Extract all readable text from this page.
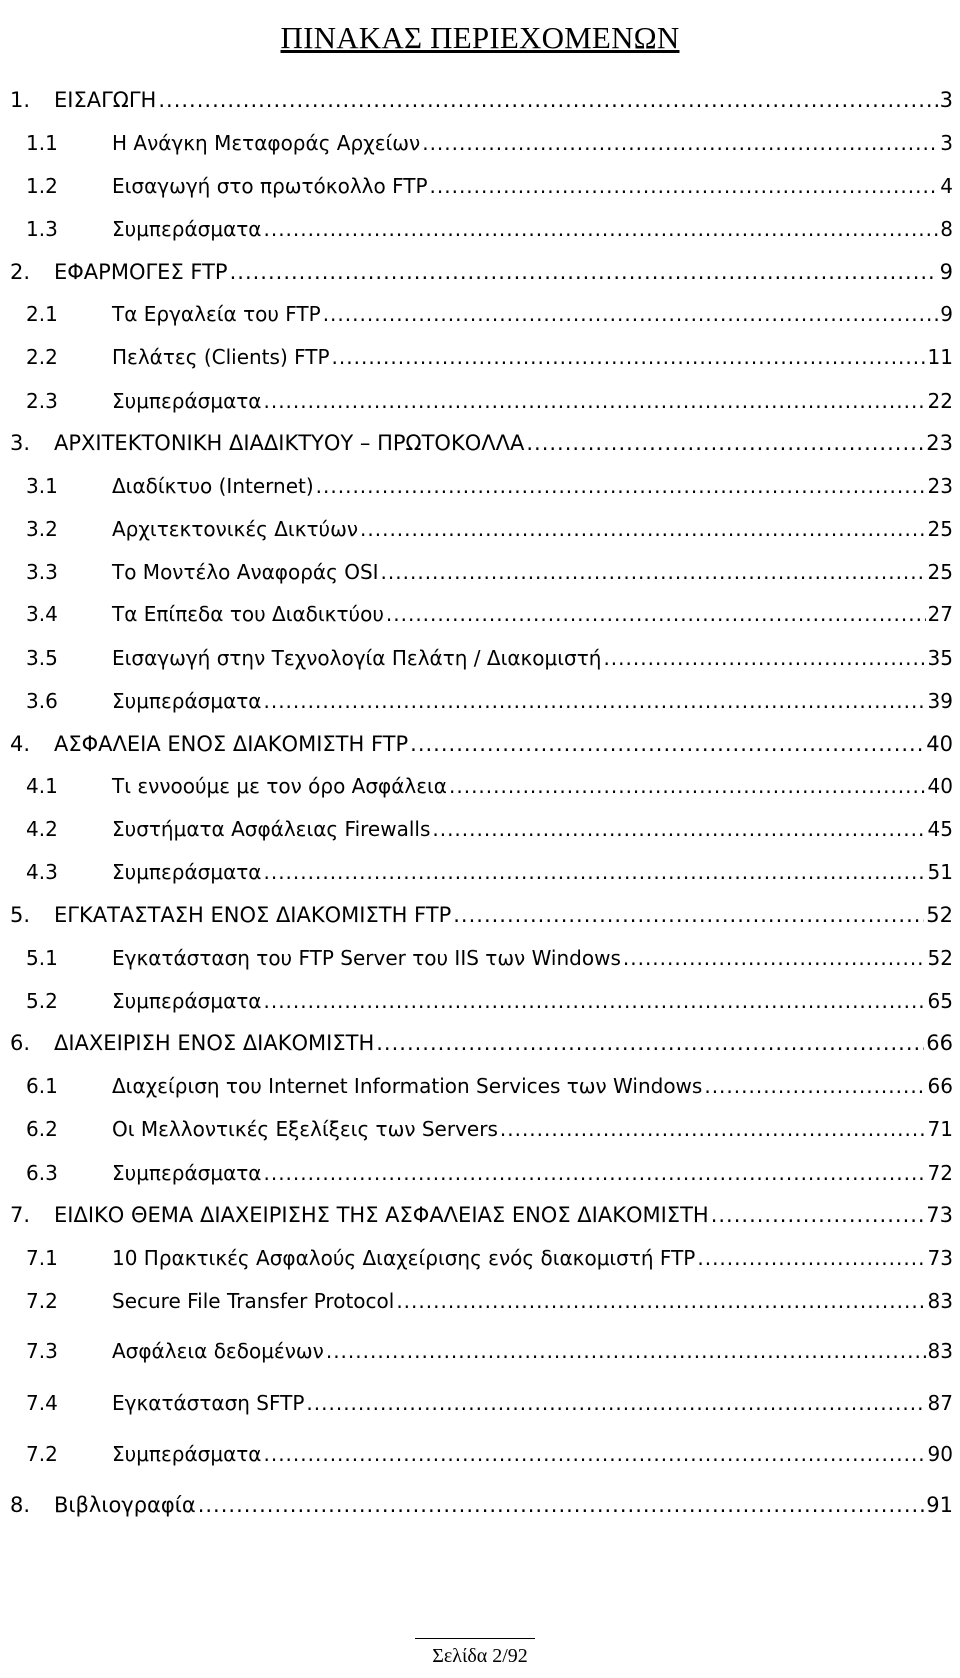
ΠΙΝΑΚΑΣ ΠΕΡΙΕΧΟΜΕΝΩΝ
1. ΕΙΣΑΓΩΓΗ .....	3
1.1	Η Ανάγκη Μεταφοράς Αρχείων .....	3
1.2	Εισαγωγή στο πρωτόκολλο FTP .....	4
1.3	Συμπεράσματα .....	8
2. ΕΦΑΡΜΟΓΕΣ FTP .....	9
2.1	Τα Εργαλεία του FTP .....	9
2.2	Πελάτες (Clients) FTP .....	11
2.3	Συμπεράσματα .....	22
3. ΑΡΧΙΤΕΚΤΟΝΙΚΗ ΔΙΑΔΙΚΤΥΟΥ – ΠΡΩΤΟΚΟΛΛΑ .....	23
3.1	Διαδίκτυο (Internet) .....	23
3.2	Αρχιτεκτονικές Δικτύων .....	25
3.3	Το Μοντέλο Αναφοράς OSI .....	25
3.4	Τα Επίπεδα του Διαδικτύου .....	27
3.5	Εισαγωγή στην Τεχνολογία Πελάτη / Διακομιστή .....	35
3.6	Συμπεράσματα .....	39
4. ΑΣΦΑΛΕΙΑ ΕΝΟΣ ΔΙΑΚΟΜΙΣΤΗ FTP .....	40
4.1	Τι εννοούμε με τον όρο Ασφάλεια .....	40
4.2	Συστήματα Ασφάλειας Firewalls .....	45
4.3	Συμπεράσματα .....	51
5. ΕΓΚΑΤΑΣΤΑΣΗ ΕΝΟΣ ΔΙΑΚΟΜΙΣΤΗ FTP .....	52
5.1	Εγκατάσταση του FTP Server του IIS των Windows .....	52
5.2	Συμπεράσματα .....	65
6. ΔΙΑΧΕΙΡΙΣΗ ΕΝΟΣ ΔΙΑΚΟΜΙΣΤΗ .....	66
6.1	Διαχείριση του Internet Information Services των Windows .....	66
6.2	Οι Μελλοντικές Εξελίξεις των Servers .....	71
6.3	Συμπεράσματα .....	72
7. ΕΙΔΙΚΟ ΘΕΜΑ ΔΙΑΧΕΙΡΙΣΗΣ ΤΗΣ ΑΣΦΑΛΕΙΑΣ ΕΝΟΣ ΔΙΑΚΟΜΙΣΤΗ .....	73
7.1	10 Πρακτικές Ασφαλούς Διαχείρισης ενός διακομιστή FTP .....	73
7.2	Secure File Transfer Protocol .....	83
7.3	Ασφάλεια δεδομένων .....	83
7.4	Εγκατάσταση SFTP .....	87
7.2	Συμπεράσματα .....	90
8. Βιβλιογραφία .....	91
Σελίδα 2/92
